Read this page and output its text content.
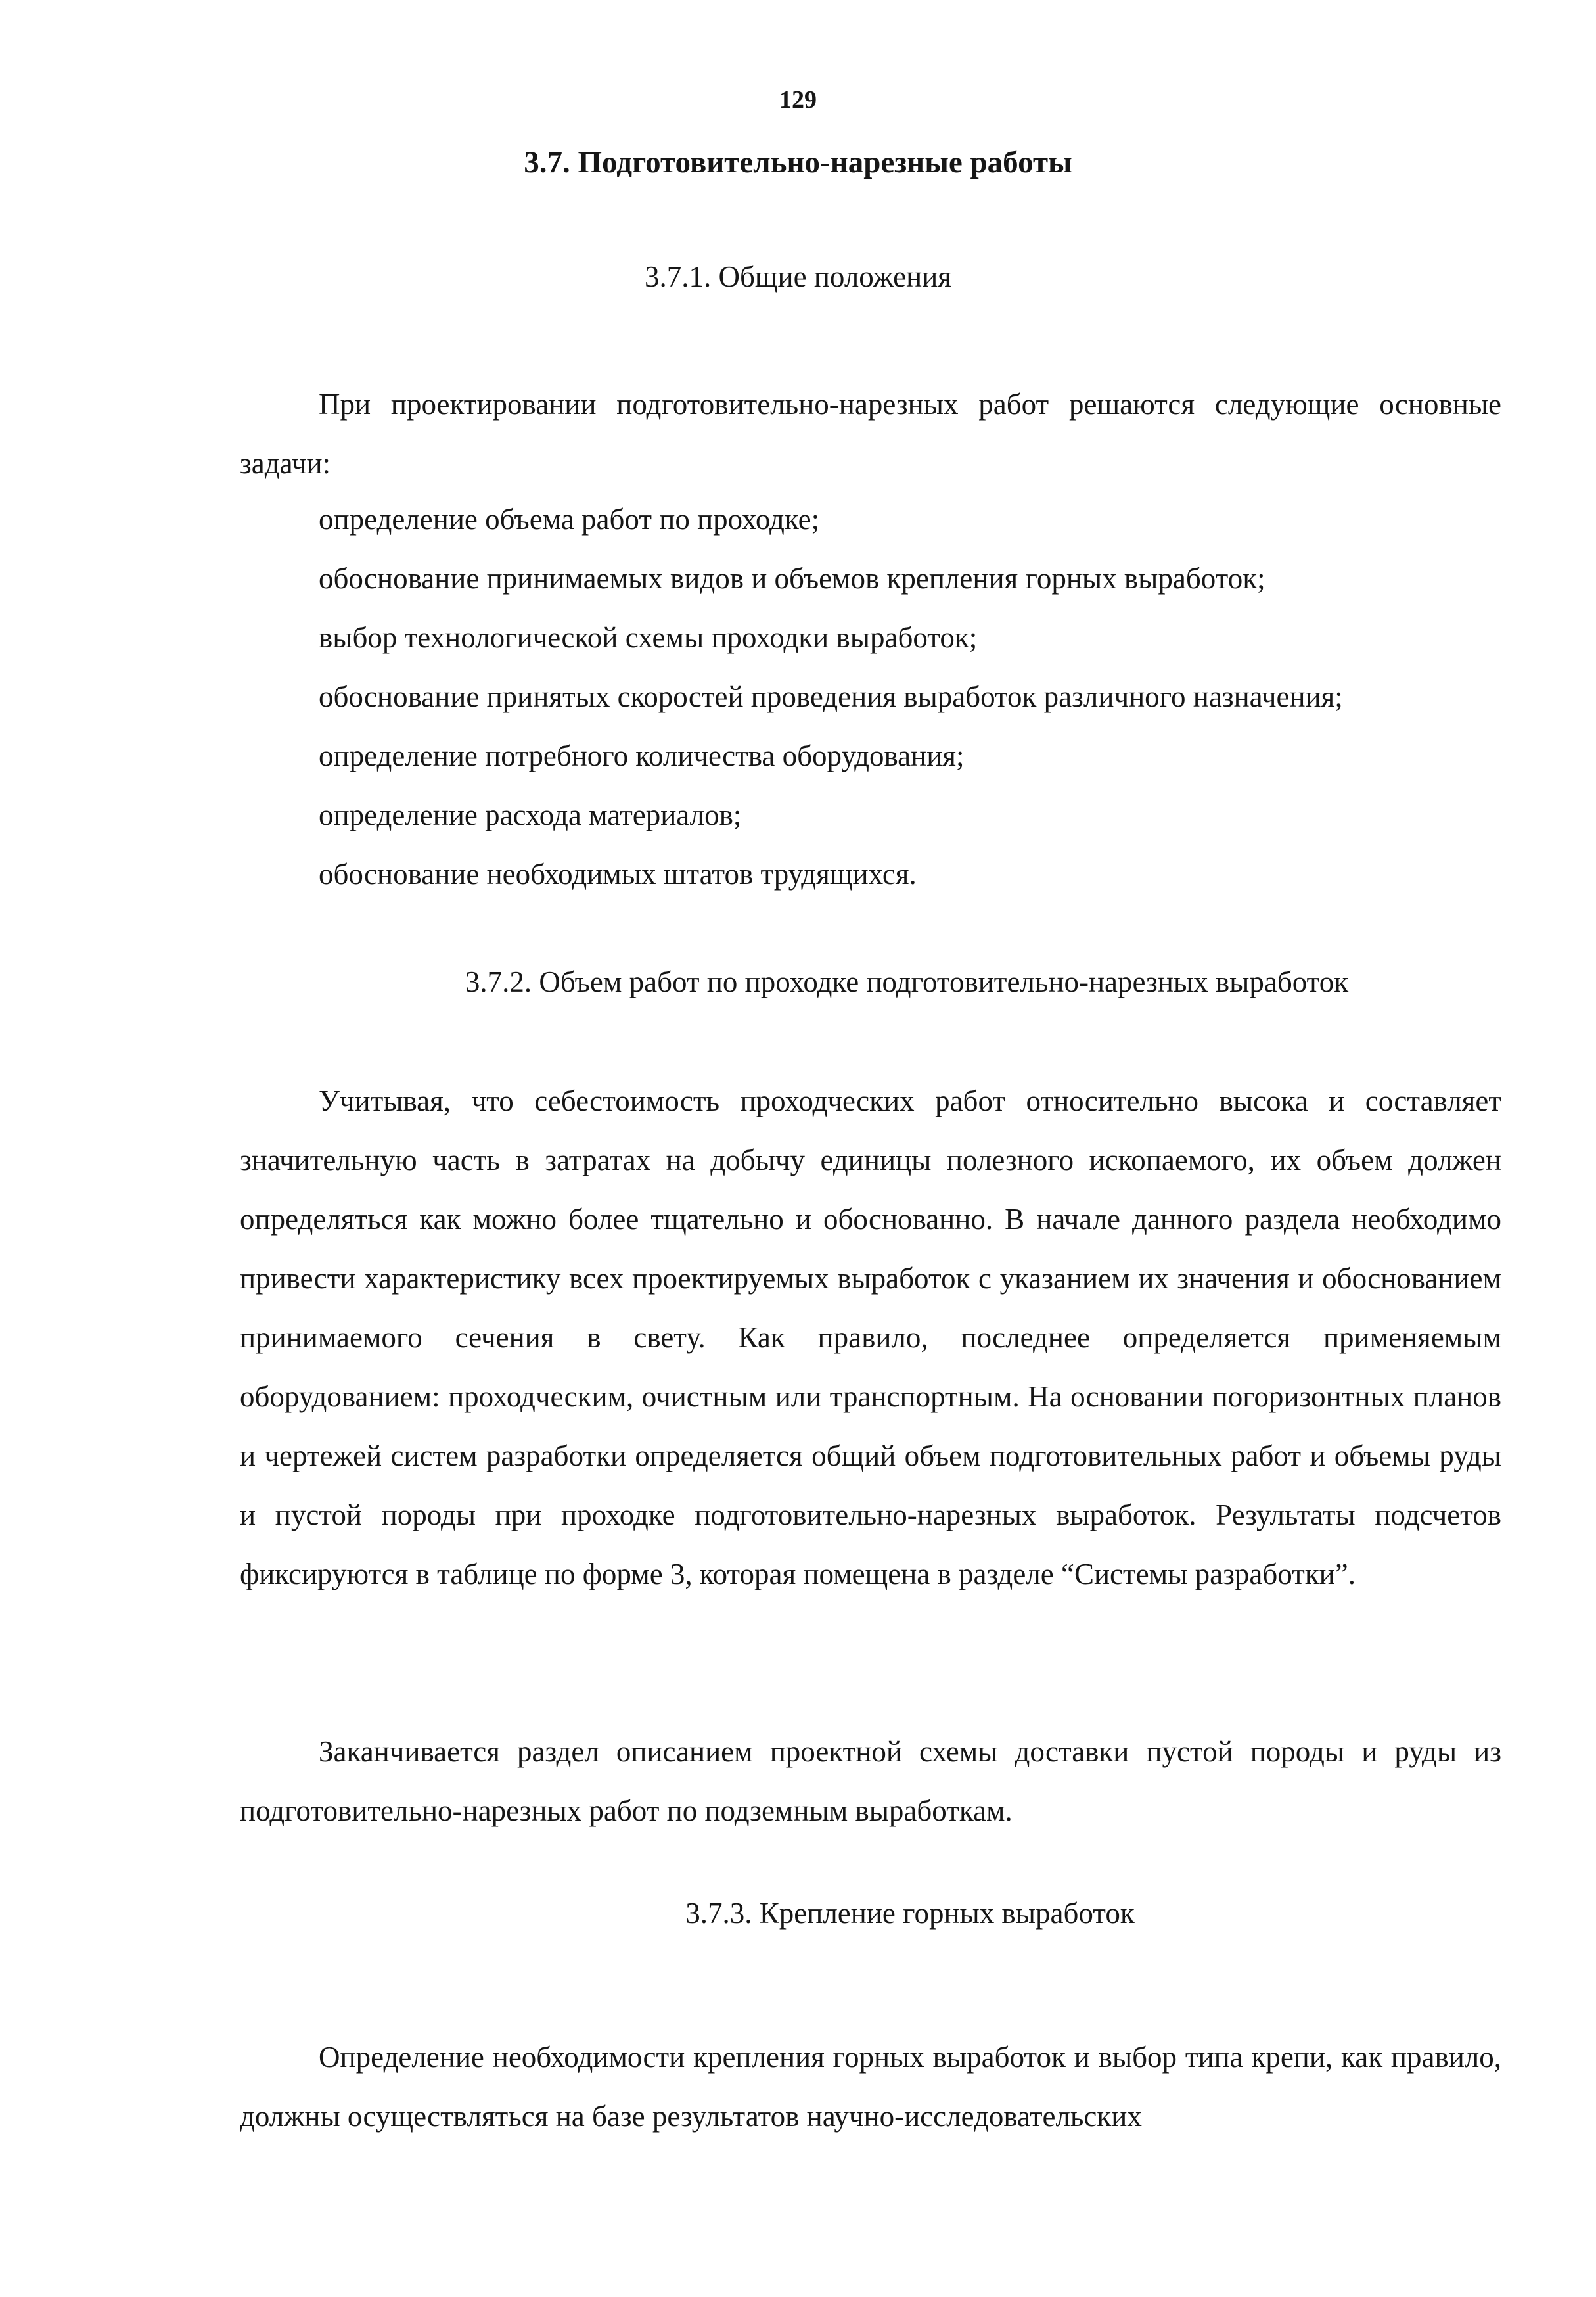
129
3.7. Подготовительно-нарезные работы
3.7.1. Общие положения

При проектировании подготовительно-нарезных работ решаются следующие основные задачи:

определение объема работ по проходке;
обоснование принимаемых видов и объемов крепления горных выработок;
выбор технологической схемы проходки выработок;
обоснование принятых скоростей проведения выработок различного назначения;
определение потребного количества оборудования;
определение расхода материалов;
обоснование необходимых штатов трудящихся.
3.7.2. Объем работ по проходке подготовительно-нарезных выработок

Учитывая, что себестоимость проходческих работ относительно высока и составляет значительную часть в затратах на добычу единицы полезного ископаемого, их объем должен определяться как можно более тщательно и обоснованно. В начале данного раздела необходимо привести характеристику всех проектируемых выработок с указанием их значения и обоснованием принимаемого сечения в свету. Как правило, последнее определяется применяемым оборудованием: проходческим, очистным или транспортным. На основании погоризонтных планов и чертежей систем разработки определяется общий объем подготовительных работ и объемы руды и пустой породы при проходке подготовительно-нарезных выработок. Результаты подсчетов фиксируются в таблице по форме 3, которая помещена в разделе “Системы разработки”.

Заканчивается раздел описанием проектной схемы доставки пустой породы и руды из подготовительно-нарезных работ по подземным выработкам.

3.7.3. Крепление горных выработок

Определение необходимости крепления горных выработок и выбор типа крепи, как правило, должны осуществляться на базе результатов научно-исследовательских
